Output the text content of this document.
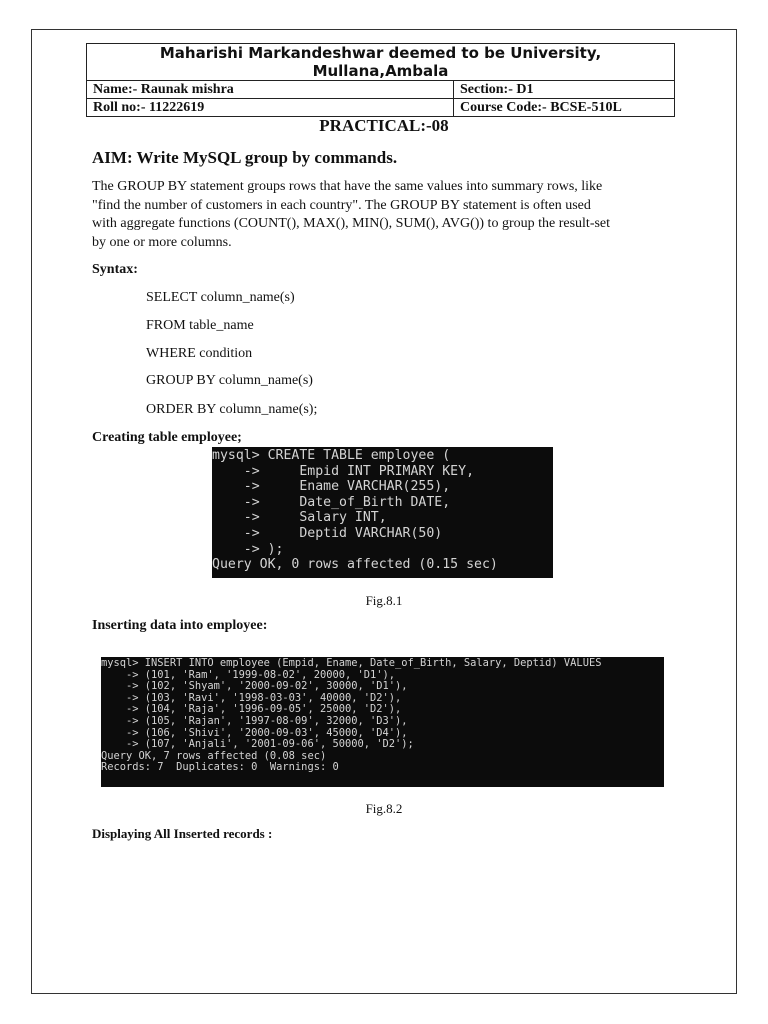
Maharishi Markandeshwar deemed to be University, Mullana,Ambala	
Name:- Raunak mishra	Section:- D1
Roll no:- 11222619	Course Code:- BCSE-510L
PRACTICAL:-08
AIM: Write MySQL group by commands.
The GROUP BY statement groups rows that have the same values into summary rows, like
"find the number of customers in each country". The GROUP BY statement is often used
with aggregate functions (COUNT(), MAX(), MIN(), SUM(), AVG()) to group the result-set
by one or more columns.
Syntax:
SELECT column_name(s)
FROM table_name
WHERE condition
GROUP BY column_name(s)
ORDER BY column_name(s);
Creating table employee;
mysql> CREATE TABLE employee (
->     Empid INT PRIMARY KEY,
->     Ename VARCHAR(255),
->     Date_of_Birth DATE,
->     Salary INT,
->     Deptid VARCHAR(50)
-> );
Query OK, 0 rows affected (0.15 sec)
Fig.8.1
Inserting data into employee:
mysql> INSERT INTO employee (Empid, Ename, Date_of_Birth, Salary, Deptid) VALUES
-> (101, 'Ram', '1999-08-02', 20000, 'D1'),
-> (102, 'Shyam', '2000-09-02', 30000, 'D1'),
-> (103, 'Ravi', '1998-03-03', 40000, 'D2'),
-> (104, 'Raja', '1996-09-05', 25000, 'D2'),
-> (105, 'Rajan', '1997-08-09', 32000, 'D3'),
-> (106, 'Shivi', '2000-09-03', 45000, 'D4'),
-> (107, 'Anjali', '2001-09-06', 50000, 'D2');
Query OK, 7 rows affected (0.08 sec)
Records: 7  Duplicates: 0  Warnings: 0
Fig.8.2
Displaying All Inserted records :
